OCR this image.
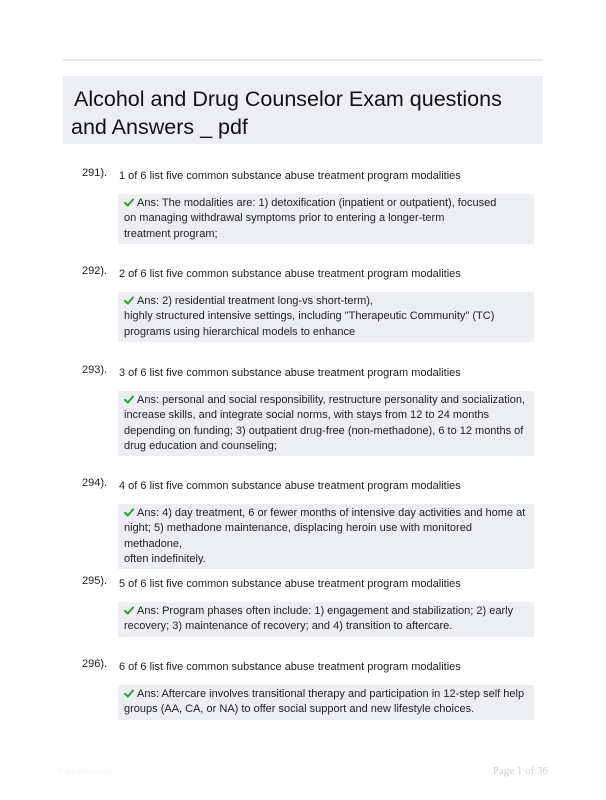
Alcohol and Drug Counselor Exam questions and Answers _ pdf
291). 1 of 6 list five common substance abuse treatment program modalities
Ans: The modalities are: 1) detoxification (inpatient or outpatient), focused
on managing withdrawal symptoms prior to entering a longer-term
treatment program;
292). 2 of 6 list five common substance abuse treatment program modalities
Ans: 2) residential treatment long-vs short-term),
highly structured intensive settings, including "Therapeutic Community" (TC)
programs using hierarchical models to enhance
293). 3 of 6 list five common substance abuse treatment program modalities
Ans: personal and social responsibility, restructure personality and socialization,
increase skills, and integrate social norms, with stays from 12 to 24 months
depending on funding; 3) outpatient drug-free (non-methadone), 6 to 12 months of
drug education and counseling;
294). 4 of 6 list five common substance abuse treatment program modalities
Ans: 4) day treatment, 6 or fewer months of intensive day activities and home at
night; 5) methadone maintenance, displacing heroin use with monitored methadone,
often indefinitely.
295). 5 of 6 list five common substance abuse treatment program modalities
Ans: Program phases often include: 1) engagement and stabilization; 2) early
recovery; 3) maintenance of recovery; and 4) transition to aftercare.
296). 6 of 6 list five common substance abuse treatment program modalities
Ans: Aftercare involves transitional therapy and participation in 12-step self help
groups (AA, CA, or NA) to offer social support and new lifestyle choices.
Papertthic.com	Page 1 of 36
